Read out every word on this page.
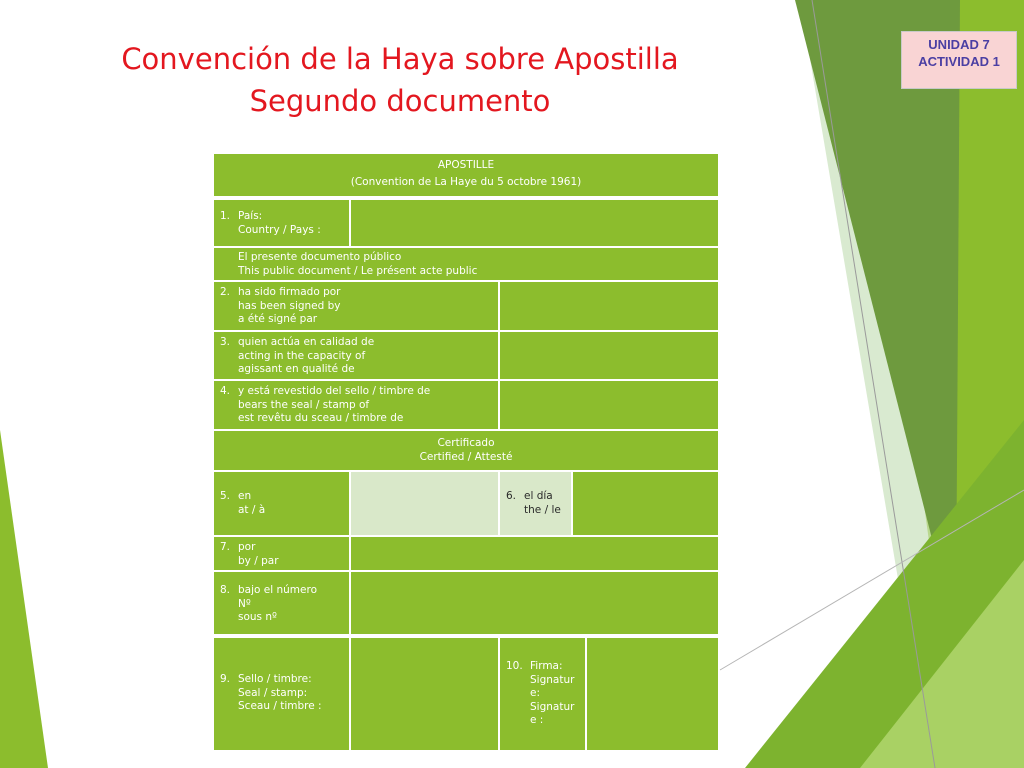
Convención de la Haya sobre Apostilla
Segundo documento
UNIDAD 7
ACTIVIDAD 1
APOSTILLE
(Convention de La Haye du 5 octobre 1961)
1. País:
Country / Pays :
El presente documento público
This public document / Le présent acte public
2. ha sido firmado por
has been signed by
a été signé par
3. quien actúa en calidad de
acting in the capacity of
agissant en qualité de
4. y está revestido del sello / timbre de
bears the seal / stamp of
est revêtu du sceau / timbre de
Certificado
Certified / Attesté
5. en
at / à
6. el día
the / le
7. por
by / par
8. bajo el número
Nº
sous nº
9. Sello / timbre:
Seal / stamp:
Sceau / timbre :
10. Firma:
Signatur
e:
Signatur
e :
